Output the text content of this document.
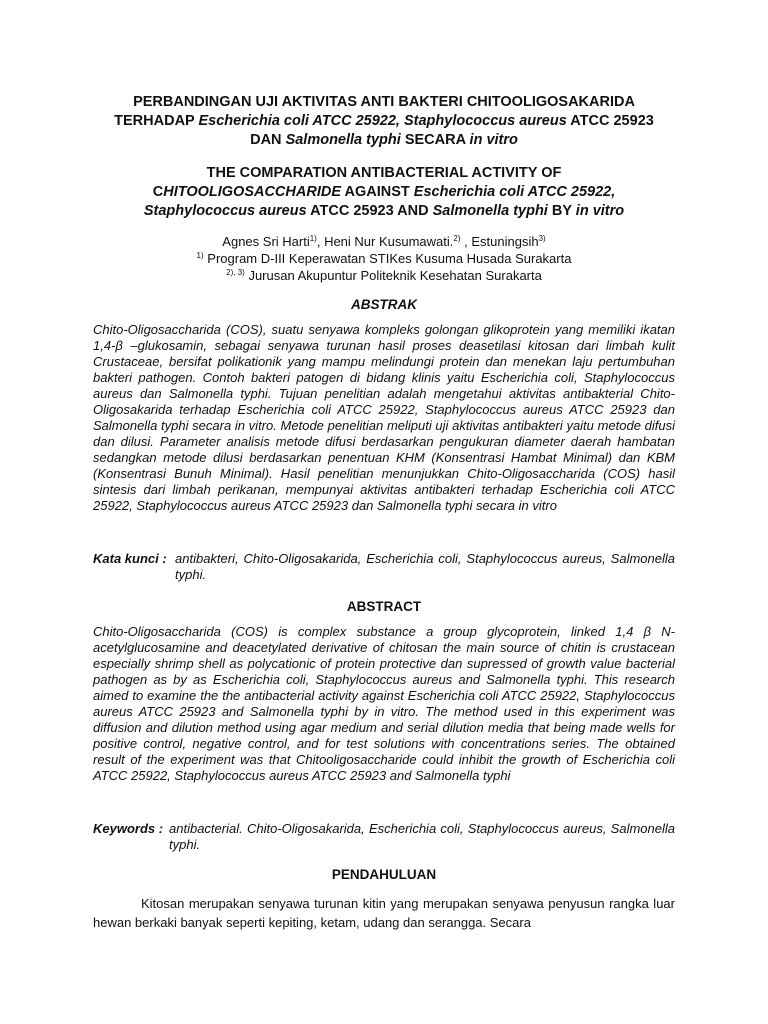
PERBANDINGAN UJI AKTIVITAS ANTI BAKTERI CHITOOLIGOSAKARIDA
TERHADAP Escherichia coli ATCC 25922, Staphylococcus aureus ATCC 25923
DAN Salmonella typhi SECARA in vitro
THE COMPARATION ANTIBACTERIAL ACTIVITY OF
CHITOOLIGOSACCHARIDE AGAINST Escherichia coli ATCC 25922,
Staphylococcus aureus ATCC 25923 AND Salmonella typhi BY in vitro
Agnes Sri Harti$^{1)}$, Heni Nur Kusumawati.$^{2)}$ , Estuningsih$^{3)}$
$^{1)}$ Program D-III Keperawatan STIKes Kusuma Husada Surakarta
$^{2), 3)}$ Jurusan Akupuntur Politeknik Kesehatan Surakarta
ABSTRAK
Chito-Oligosaccharida (COS), suatu senyawa kompleks golongan glikoprotein yang memiliki ikatan 1,4-β –glukosamin, sebagai senyawa turunan hasil proses deasetilasi kitosan dari limbah kulit Crustaceae, bersifat polikationik yang mampu melindungi protein dan menekan laju pertumbuhan bakteri pathogen. Contoh bakteri patogen di bidang klinis yaitu Escherichia coli, Staphylococcus aureus dan Salmonella typhi. Tujuan penelitian adalah mengetahui aktivitas antibakterial Chito-Oligosakarida terhadap Escherichia coli ATCC 25922, Staphylococcus aureus ATCC 25923 dan Salmonella typhi secara in vitro. Metode penelitian meliputi uji aktivitas antibakteri yaitu metode difusi dan dilusi. Parameter analisis metode difusi berdasarkan pengukuran diameter daerah hambatan sedangkan metode dilusi berdasarkan penentuan KHM (Konsentrasi Hambat Minimal) dan KBM (Konsentrasi Bunuh Minimal). Hasil penelitian menunjukkan Chito-Oligosaccharida (COS) hasil sintesis dari limbah perikanan, mempunyai aktivitas antibakteri terhadap Escherichia coli ATCC 25922, Staphylococcus aureus ATCC 25923 dan Salmonella typhi secara in vitro
Kata kunci : antibakteri, Chito-Oligosakarida, Escherichia coli, Staphylococcus aureus, Salmonella typhi.
ABSTRACT
Chito-Oligosaccharida (COS) is complex substance a group glycoprotein, linked 1,4 β N-acetylglucosamine and deacetylated derivative of chitosan the main source of chitin is crustacean especially shrimp shell as polycationic of protein protective dan supressed of growth value bacterial pathogen as by as Escherichia coli, Staphylococcus aureus and Salmonella typhi. This research aimed to examine the the antibacterial activity against Escherichia coli ATCC 25922, Staphylococcus aureus ATCC 25923 and Salmonella typhi by in vitro. The method used in this experiment was diffusion and dilution method using agar medium and serial dilution media that being made wells for positive control, negative control, and for test solutions with concentrations series. The obtained result of the experiment was that Chitooligosaccharide could inhibit the growth of Escherichia coli ATCC 25922, Staphylococcus aureus ATCC 25923 and Salmonella typhi
Keywords : antibacterial. Chito-Oligosakarida, Escherichia coli, Staphylococcus aureus, Salmonella typhi.
PENDAHULUAN
Kitosan merupakan senyawa turunan kitin yang merupakan senyawa penyusun rangka luar hewan berkaki banyak seperti kepiting, ketam, udang dan serangga. Secara
